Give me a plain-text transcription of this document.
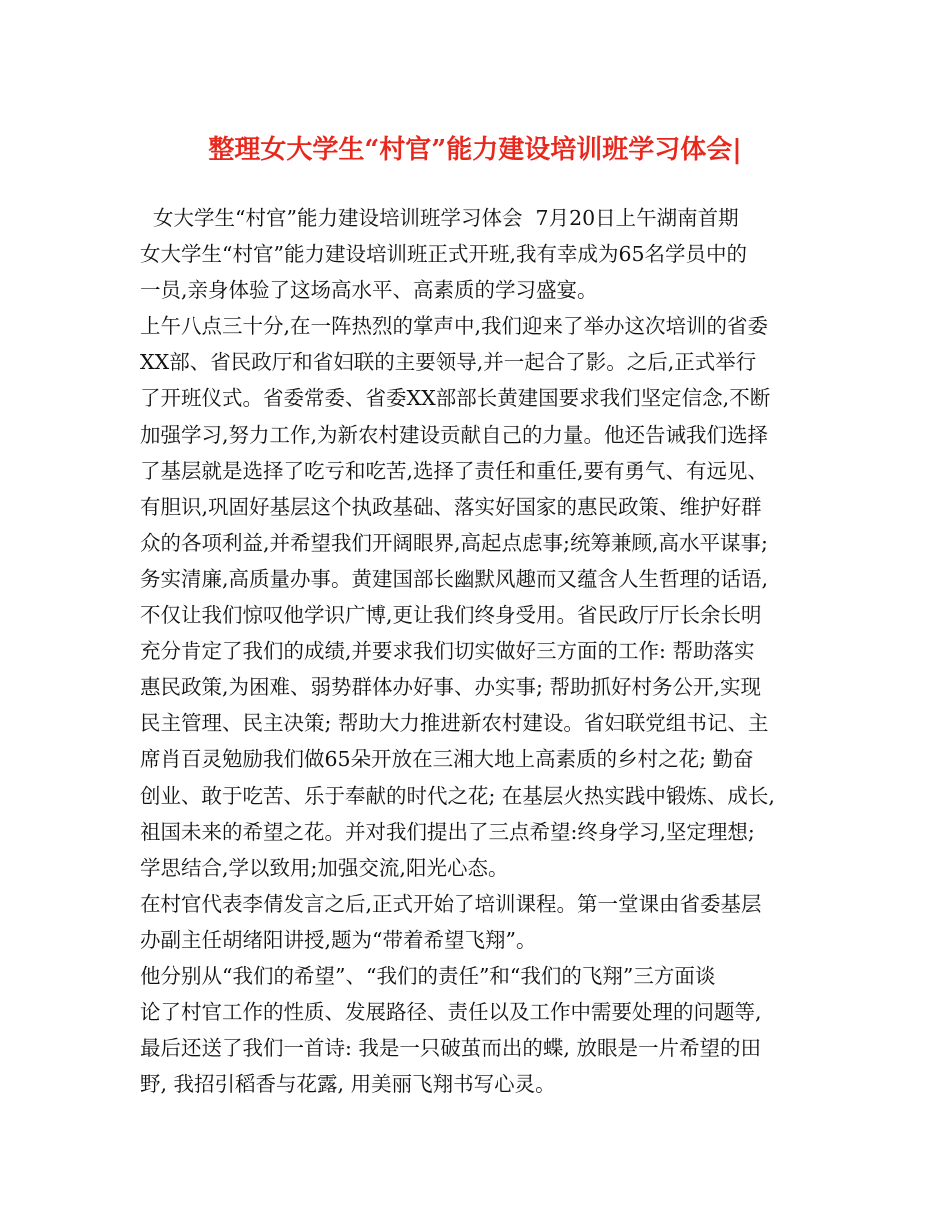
整理女大学生“村官”能力建设培训班学习体会|
女大学生“村官”能力建设培训班学习体会  7月20日上午湖南首期
女大学生“村官”能力建设培训班正式开班,我有幸成为65名学员中的
一员,亲身体验了这场高水平、高素质的学习盛宴。
上午八点三十分,在一阵热烈的掌声中,我们迎来了举办这次培训的省委
XX部、省民政厅和省妇联的主要领导,并一起合了影。之后,正式举行
了开班仪式。省委常委、省委XX部部长黄建国要求我们坚定信念,不断
加强学习,努力工作,为新农村建设贡献自己的力量。他还告诫我们选择
了基层就是选择了吃亏和吃苦,选择了责任和重任,要有勇气、有远见、
有胆识,巩固好基层这个执政基础、落实好国家的惠民政策、维护好群
众的各项利益,并希望我们开阔眼界,高起点虑事;统筹兼顾,高水平谋事;
务实清廉,高质量办事。黄建国部长幽默风趣而又蕴含人生哲理的话语,
不仅让我们惊叹他学识广博,更让我们终身受用。省民政厅厅长余长明
充分肯定了我们的成绩,并要求我们切实做好三方面的工作: 帮助落实
惠民政策,为困难、弱势群体办好事、办实事; 帮助抓好村务公开,实现
民主管理、民主决策; 帮助大力推进新农村建设。省妇联党组书记、主
席肖百灵勉励我们做65朵开放在三湘大地上高素质的乡村之花; 勤奋
创业、敢于吃苦、乐于奉献的时代之花; 在基层火热实践中锻炼、成长,
祖国未来的希望之花。并对我们提出了三点希望:终身学习,坚定理想;
学思结合,学以致用;加强交流,阳光心态。
在村官代表李倩发言之后,正式开始了培训课程。第一堂课由省委基层
办副主任胡绪阳讲授,题为“带着希望飞翔”。
他分别从“我们的希望”、“我们的责任”和“我们的飞翔”三方面谈
论了村官工作的性质、发展路径、责任以及工作中需要处理的问题等,
最后还送了我们一首诗: 我是一只破茧而出的蝶, 放眼是一片希望的田
野, 我招引稻香与花露, 用美丽飞翔书写心灵。
